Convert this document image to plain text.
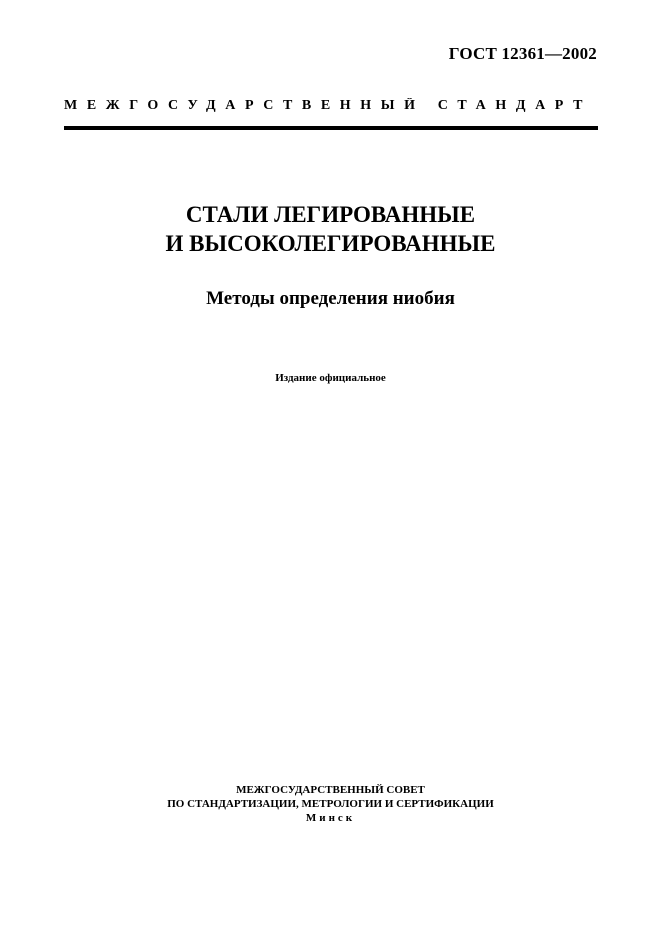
ГОСТ 12361—2002
МЕЖГОСУДАРСТВЕННЫЙ СТАНДАРТ
СТАЛИ ЛЕГИРОВАННЫЕ
И ВЫСОКОЛЕГИРОВАННЫЕ
Методы определения ниобия
Издание официальное
МЕЖГОСУДАРСТВЕННЫЙ СОВЕТ
ПО СТАНДАРТИЗАЦИИ, МЕТРОЛОГИИ И СЕРТИФИКАЦИИ
Минск
